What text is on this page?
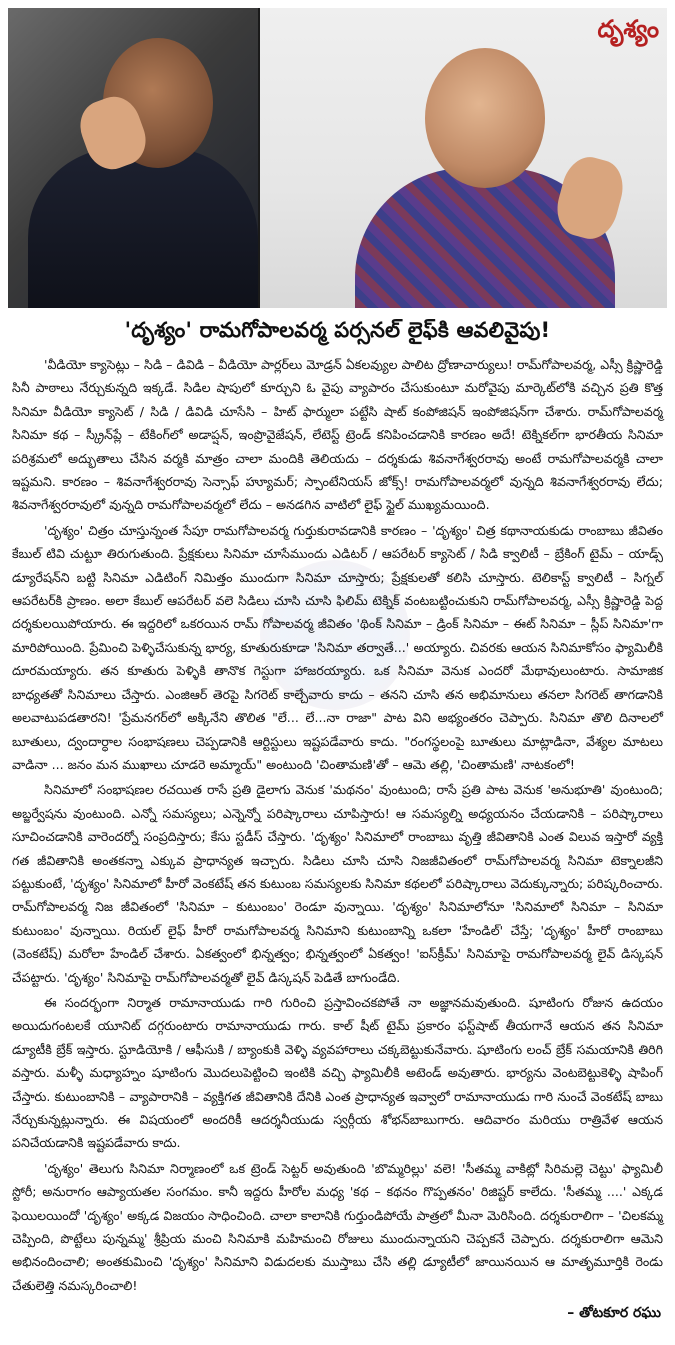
దృశ్యం
'దృశ్యం' రామగోపాలవర్మ పర్సనల్ లైఫ్‌కి ఆవలివైపు!

'వీడియో క్యాసెట్లు – సిడి – డివిడి – వీడియో పార్లర్‌లు మోడ్రన్ ఏకలవ్యుల పాలిట ద్రోణాచార్యులు! రామ్‌గోపాలవర్మ, ఎస్సీ క్రిష్ణారెడ్డి సినీ పాఠాలు నేర్చుకున్నది ఇక్కడే. సిడిల షాపులో కూర్చుని ఓ వైపు వ్యాపారం చేసుకుంటూ మరోవైపు మార్కెట్‌లోకి వచ్చిన ప్రతి కొత్త సినిమా వీడియో క్యాసెట్ / సిడి / డివిడి చూసేసి – హిట్ ఫార్ములా పట్టేసి షాట్ కంపోజిషన్ ఇంపోజిషన్‌గా చేశారు. రామ్‌గోపాలవర్మ సినిమా కథ – స్క్రీన్‌ప్లే – టేకింగ్‌లో అడాప్షన్, ఇంప్రొవైజేషన్, లేటెస్ట్ ట్రెండ్ కనిపించడానికి కారణం అదే! టెక్నికల్‌గా భారతీయ సినిమా పరిశ్రమలో అద్భుతాలు చేసిన వర్మకి మాత్రం చాలా మందికి తెలియదు – దర్శకుడు శివనాగేశ్వరరావు అంటే రామగోపాలవర్మకి చాలా ఇష్టమని. కారణం – శివనాగేశ్వరరావు సెన్సాఫ్ హ్యూమర్; స్పాంటేనియస్ జోక్స్! రామగోపాలవర్మలో వున్నది శివనాగేశ్వరరావు లేదు; శివనాగేశ్వరరావులో వున్నది రామగోపాలవర్మలో లేదు – అనడగిన వాటిలో లైఫ్ స్టైల్ ముఖ్యమయింది.

'దృశ్యం' చిత్రం చూస్తున్నంత సేపూ రామగోపాలవర్మ గుర్తుకురావడానికి కారణం – 'దృశ్యం' చిత్ర కథానాయకుడు రాంబాబు జీవితం కేబుల్ టివి చుట్టూ తిరుగుతుంది. ప్రేక్షకులు సినిమా చూసేముందు ఎడిటర్ / ఆపరేటర్ క్యాసెట్ / సిడి క్వాలిటీ – బ్రేకింగ్ టైమ్ – యాడ్స్ డ్యూరేషన్‌ని బట్టి సినిమా ఎడిటింగ్ నిమిత్తం ముందుగా సినిమా చూస్తారు; ప్రేక్షకులతో కలిసి చూస్తారు. టెలికాస్ట్ క్వాలిటీ – సిగ్నల్ ఆపరేటర్‌కి ప్రాణం. అలా కేబుల్ ఆపరేటర్ వలె సిడిలు చూసి చూసి ఫిలిమ్ టెక్నిక్ వంటబట్టించుకుని రామ్‌గోపాలవర్మ, ఎస్సీ క్రిష్ణారెడ్డి పెద్ద దర్శకులయిపోయారు. ఈ ఇద్దరిలో ఒకరయిన రామ్ గోపాలవర్మ జీవితం 'థింక్ సినిమా – డ్రింక్ సినిమా – ఈట్ సినిమా – స్లీప్ సినిమా'గా మారిపోయింది. ప్రేమించి పెళ్ళిచేసుకున్న భార్య, కూతురుకూడా 'సినిమా తర్వాతే...' అయ్యారు. చివరకు ఆయన సినిమాకోసం ఫ్యామిలీకి దూరమయ్యారు. తన కూతురు పెళ్ళికి తానొక గెస్టుగా హాజరయ్యారు. ఒక సినిమా వెనుక ఎందరో మేథావులుంటారు. సామాజిక బాధ్యతతో సినిమాలు చేస్తారు. ఎంజిఆర్ తెరపై సిగరెట్ కాల్చేవారు కాదు – తనని చూసి తన అభిమానులు తనలా సిగరెట్ తాగడానికి అలవాటుపడతారని! 'ప్రేమనగర్‌లో అక్కినేని తొలిత "లే... లే...నా రాజా" పాట విని అభ్యంతరం చెప్పారు. సినిమా తొలి దినాలలో బూతులు, ద్వందార్ధాల సంభాషణలు చెప్పడానికి ఆర్టిస్టులు ఇష్టపడేవారు కాదు. "రంగస్థలంపై బూతులు మాట్లాడినా, వేశ్యల మాటలు వాడినా ... జనం మన ముఖాలు చూడరె అమ్మాయ్" అంటుంది 'చింతామణి'తో – ఆమె తల్లి, 'చింతామణి' నాటకంలో!

సినిమాలో సంభాషణల రచయిత రాసే ప్రతి డైలాగు వెనుక 'మథనం' వుంటుంది; రాసే ప్రతి పాట వెనుక 'అనుభూతి' వుంటుంది; అబ్జర్వేషను వుంటుంది. ఎన్నో సమస్యలు; ఎన్నెన్నో పరిష్కారాలు చూపిస్తారు! ఆ సమస్యల్ని అధ్యయనం చేయడానికి – పరిష్కారాలు సూచించడానికి వారెందర్నో సంప్రదిస్తారు; కేసు స్టడీస్ చేస్తారు. 'దృశ్యం' సినిమాలో రాంబాబు వృత్తి జీవితానికి ఎంత విలువ ఇస్తారో వ్యక్తి గత జీవితానికి అంతకన్నా ఎక్కువ ప్రాధాన్యత ఇచ్చారు. సిడిలు చూసి చూసి నిజజీవితంలో రామ్‌గోపాలవర్మ సినిమా టెక్నాలజీని పట్టుకుంటే, 'దృశ్యం' సినిమాలో హీరో వెంకటేష్ తన కుటుంబ సమస్యలకు సినిమా కథలలో పరిష్కారాలు వెదుక్కున్నారు; పరిష్కరించారు. రామ్‌గోపాలవర్మ నిజ జీవితంలో 'సినిమా – కుటుంబం' రెండూ వున్నాయి. 'దృశ్యం' సినిమాలోనూ 'సినిమాలో సినిమా – సినిమా కుటుంబం' వున్నాయి. రియల్ లైఫ్ హీరో రామగోపాలవర్మ సినిమాని కుటుంబాన్ని ఒకలా 'హేండిల్' చేస్తే; 'దృశ్యం' హీరో రాంబాబు (వెంకటేష్) మరోలా హేండిల్ చేశారు. ఏకత్వంలో భిన్నత్వం; భిన్నత్వంలో ఏకత్వం! 'ఐస్‌క్రీమ్' సినిమాపై రామగోపాలవర్మ లైవ్ డిస్కషన్ చేపట్టారు. 'దృశ్యం' సినిమాపై రామ్‌గోపాలవర్మతో లైవ్ డిస్కషన్ పెడితే బాగుండేది.

ఈ సందర్భంగా నిర్మాత రామానాయుడు గారి గురించి ప్రస్తావించకపోతే నా అజ్ఞానమవుతుంది. షూటింగు రోజున ఉదయం అయిదుగంటలకే యూనిట్ దగ్గరుంటారు రామానాయుడు గారు. కాల్ షీట్ టైమ్ ప్రకారం ఫస్ట్‌షాట్ తీయగానే ఆయన తన సినిమా డ్యూటీకి బ్రేక్ ఇస్తారు. స్టూడియోకి / ఆఫీసుకి / బ్యాంకుకి వెళ్ళి వ్యవహారాలు చక్కబెట్టుకునేవారు. షూటింగు లంచ్ బ్రేక్ సమయానికి తిరిగి వస్తారు. మళ్ళీ మధ్యాహ్నం షూటింగు మొదలుపెట్టించి ఇంటికి వచ్చి ఫ్యామిలీకి అటెండ్ అవుతారు. భార్యను వెంటబెట్టుకెళ్ళి షాపింగ్ చేస్తారు. కుటుంబానికి – వ్యాపారానికి – వ్యక్తిగత జీవితానికి దేనికి ఎంత ప్రాధాన్యత ఇవ్వాలో రామానాయుడు గారి నుంచే వెంకటేష్ బాబు నేర్చుకున్నట్లున్నారు. ఈ విషయంలో అందరికీ ఆదర్శనీయుడు స్వర్గీయ శోభన్‌బాబుగారు. ఆదివారం మరియు రాత్రివేళ ఆయన పనిచేయడానికి ఇష్టపడేవారు కాదు.

'దృశ్యం' తెలుగు సినిమా నిర్మాణంలో ఒక ట్రెండ్ సెట్టర్ అవుతుంది 'బొమ్మరిల్లు' వలె! 'సీతమ్మ వాకిట్లో సిరిమల్లె చెట్టు' ఫ్యామిలీ స్టోరీ; అనురాగం ఆప్యాయతల సంగమం. కానీ ఇద్దరు హీరోల మధ్య 'కథ – కథనం గొప్పతనం' రిజిష్టర్ కాలేదు. 'సీతమ్మ ....' ఎక్కడ ఫెయిలయిందో 'దృశ్యం' అక్కడ విజయం సాధించింది. చాలా కాలానికి గుర్తుండిపోయే పాత్రలో మీనా మెరిసింది. దర్శకురాలిగా – 'చిలకమ్మ చెప్పింది, పొట్టేలు పున్నమ్మ' శ్రీప్రియ మంచి సినిమాకి మహిమంచి రోజులు ముందున్నాయని చెప్పకనే చెప్పారు. దర్శకురాలిగా ఆమెని అభినందించాలి; అంతకుమించి 'దృశ్యం' సినిమాని విడుదలకు ముస్తాబు చేసి తల్లి డ్యూటీలో జాయినయిన ఆ మాతృమూర్తికి రెండు చేతులెత్తి నమస్కరించాలి!

– తోటకూర రఘు
